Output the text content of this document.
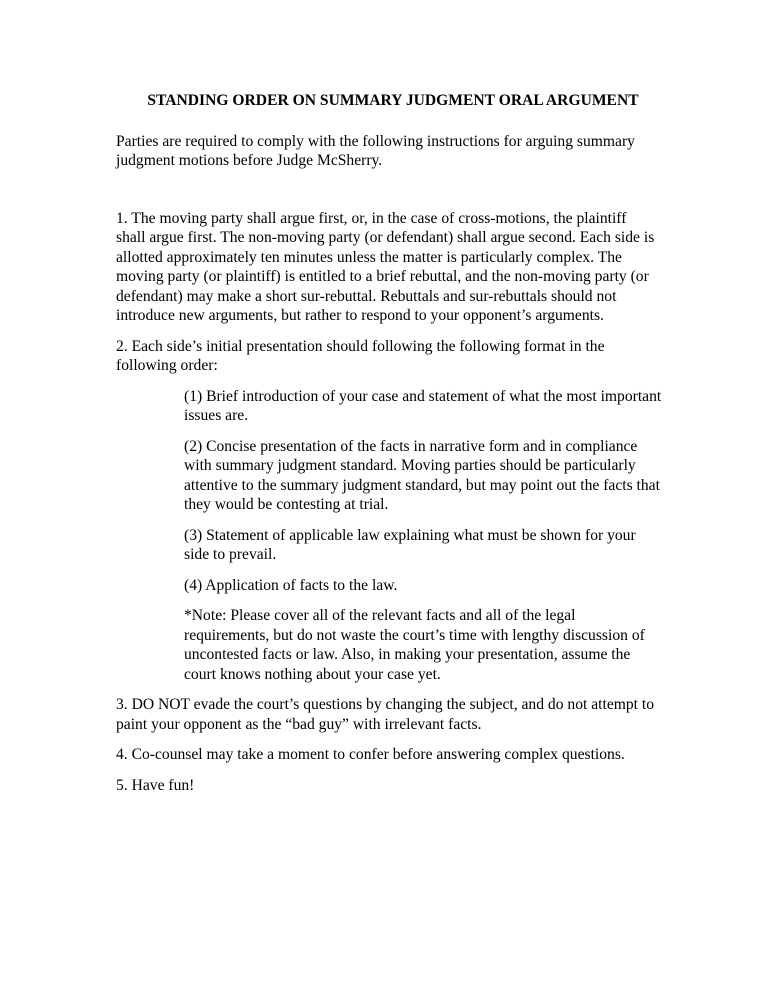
STANDING ORDER ON SUMMARY JUDGMENT ORAL ARGUMENT

Parties are required to comply with the following instructions for arguing summary judgment motions before Judge McSherry.

1. The moving party shall argue first, or, in the case of cross-motions, the plaintiff shall argue first. The non-moving party (or defendant) shall argue second. Each side is allotted approximately ten minutes unless the matter is particularly complex. The moving party (or plaintiff) is entitled to a brief rebuttal, and the non-moving party (or defendant) may make a short sur-rebuttal. Rebuttals and sur-rebuttals should not introduce new arguments, but rather to respond to your opponent’s arguments.

2. Each side’s initial presentation should following the following format in the following order:

(1) Brief introduction of your case and statement of what the most important issues are.

(2) Concise presentation of the facts in narrative form and in compliance with summary judgment standard. Moving parties should be particularly attentive to the summary judgment standard, but may point out the facts that they would be contesting at trial.

(3) Statement of applicable law explaining what must be shown for your side to prevail.

(4) Application of facts to the law.

*Note: Please cover all of the relevant facts and all of the legal requirements, but do not waste the court’s time with lengthy discussion of uncontested facts or law. Also, in making your presentation, assume the court knows nothing about your case yet.

3. DO NOT evade the court’s questions by changing the subject, and do not attempt to paint your opponent as the “bad guy” with irrelevant facts.

4. Co-counsel may take a moment to confer before answering complex questions.

5. Have fun!
